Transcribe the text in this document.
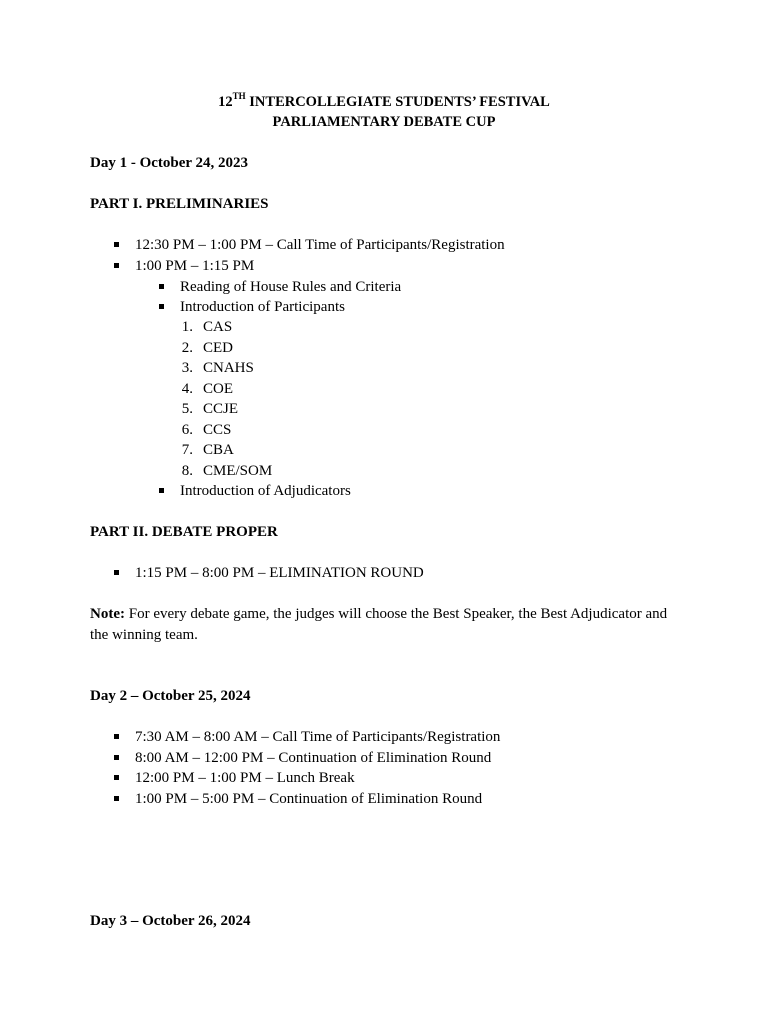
12TH INTERCOLLEGIATE STUDENTS’ FESTIVAL
PARLIAMENTARY DEBATE CUP
Day 1 - October 24, 2023
PART I. PRELIMINARIES
12:30 PM – 1:00 PM – Call Time of Participants/Registration
1:00 PM – 1:15 PM
Reading of House Rules and Criteria
Introduction of Participants
1. CAS
2. CED
3. CNAHS
4. COE
5. CCJE
6. CCS
7. CBA
8. CME/SOM
Introduction of Adjudicators
PART II. DEBATE PROPER
1:15 PM – 8:00 PM – ELIMINATION ROUND
Note: For every debate game, the judges will choose the Best Speaker, the Best Adjudicator and the winning team.
Day 2 – October 25, 2024
7:30 AM – 8:00 AM – Call Time of Participants/Registration
8:00 AM – 12:00 PM – Continuation of Elimination Round
12:00 PM – 1:00 PM – Lunch Break
1:00 PM – 5:00 PM – Continuation of Elimination Round
Day 3 – October 26, 2024
